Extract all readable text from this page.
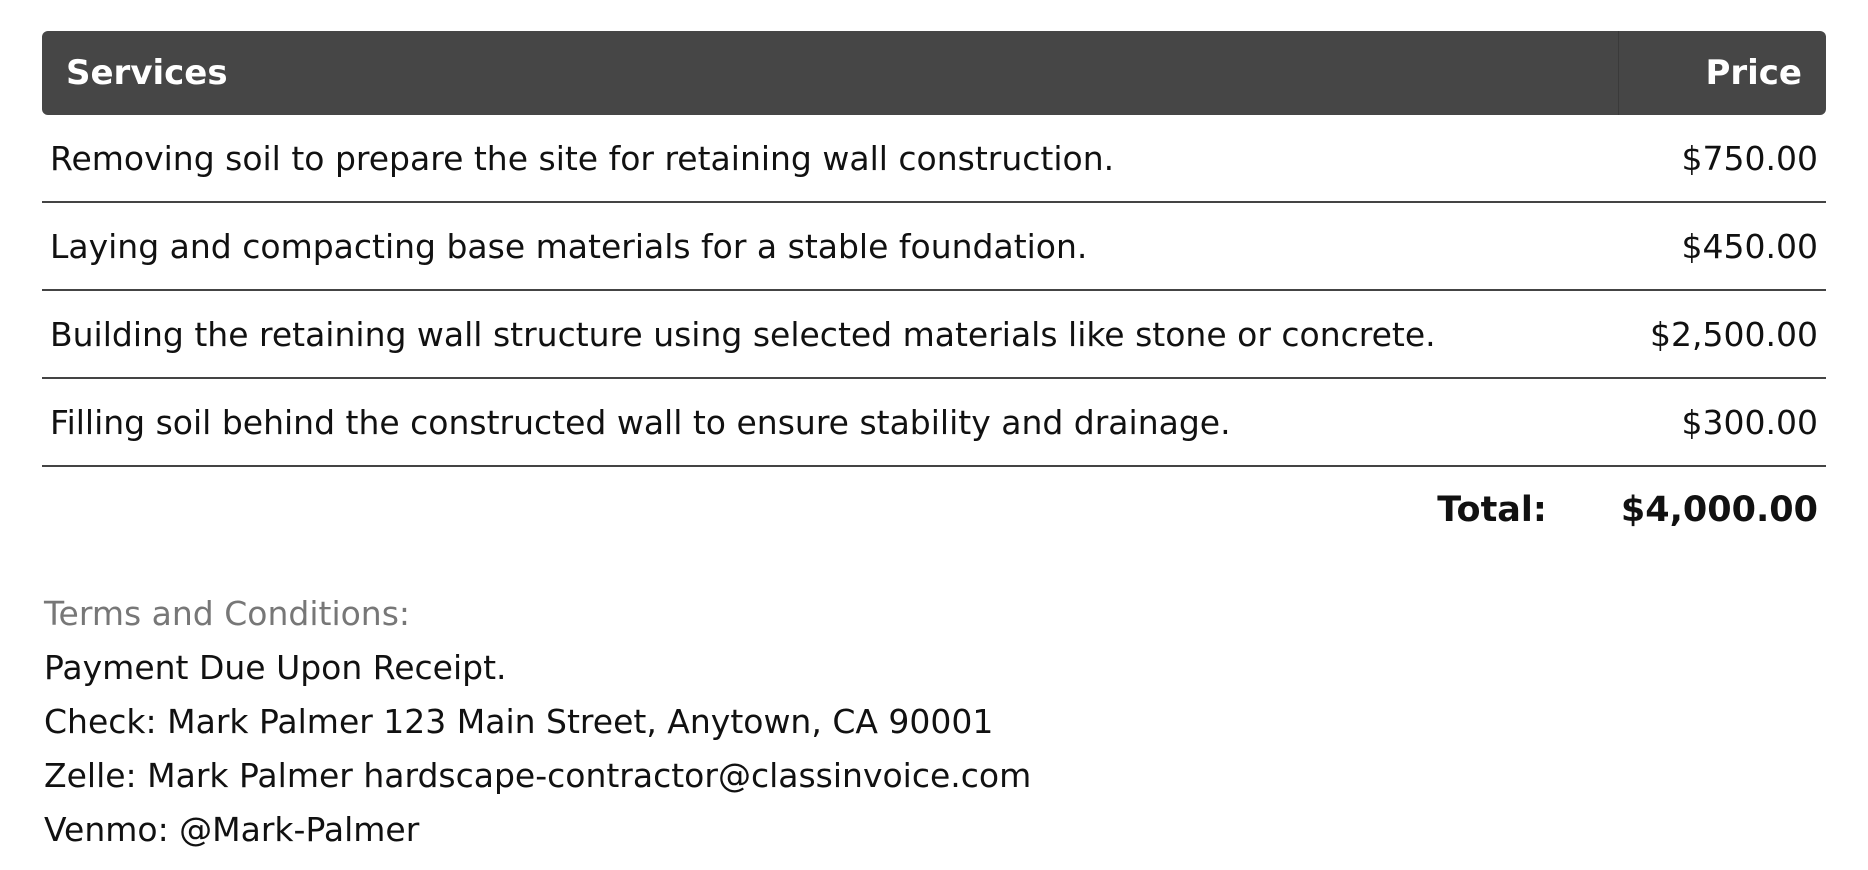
Services	Price
Removing soil to prepare the site for retaining wall construction.	$750.00
Laying and compacting base materials for a stable foundation.	$450.00
Building the retaining wall structure using selected materials like stone or concrete.	$2,500.00
Filling soil behind the constructed wall to ensure stability and drainage.	$300.00
Total: $4,000.00
Terms and Conditions:
Payment Due Upon Receipt.
Check: Mark Palmer 123 Main Street, Anytown, CA 90001
Zelle: Mark Palmer hardscape-contractor@classinvoice.com
Venmo: @Mark-Palmer
